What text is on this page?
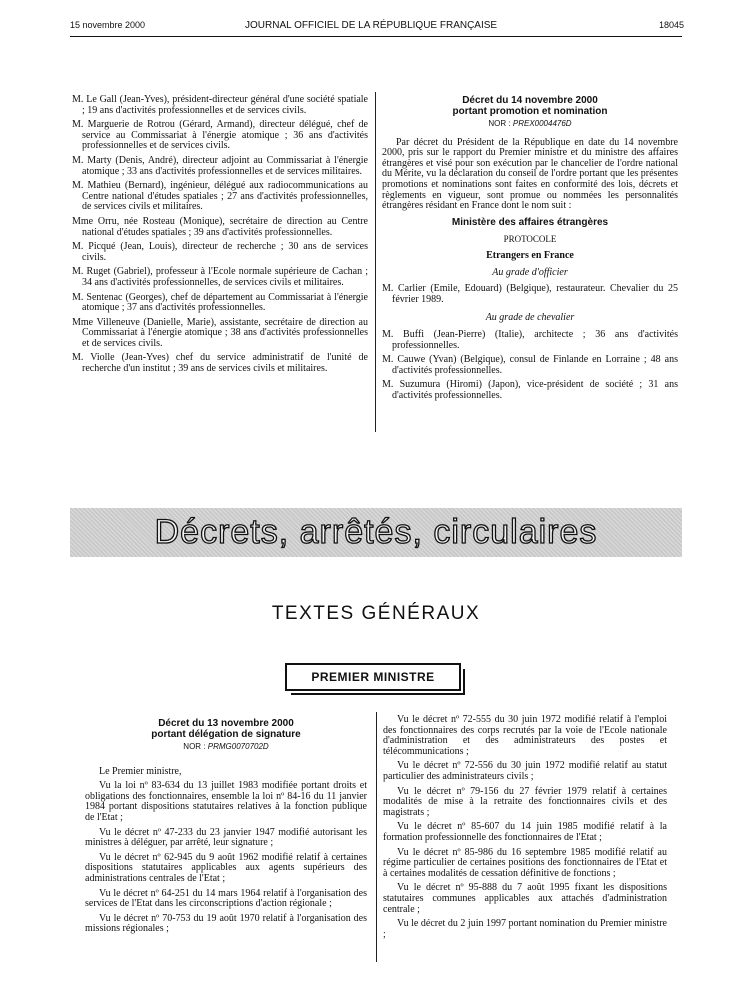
15 novembre 2000	JOURNAL OFFICIEL DE LA RÉPUBLIQUE FRANÇAISE	18045

M. Le Gall (Jean-Yves), président-directeur général d'une société spatiale ; 19 ans d'activités professionnelles et de services civils.

M. Marguerie de Rotrou (Gérard, Armand), directeur délégué, chef de service au Commissariat à l'énergie atomique ; 36 ans d'activités professionnelles et de services civils.

M. Marty (Denis, André), directeur adjoint au Commissariat à l'énergie atomique ; 33 ans d'activités professionnelles et de services militaires.

M. Mathieu (Bernard), ingénieur, délégué aux radiocommunications au Centre national d'études spatiales ; 27 ans d'activités professionnelles, de services civils et militaires.

Mme Orru, née Rosteau (Monique), secrétaire de direction au Centre national d'études spatiales ; 39 ans d'activités professionnelles.

M. Picqué (Jean, Louis), directeur de recherche ; 30 ans de services civils.

M. Ruget (Gabriel), professeur à l'Ecole normale supérieure de Cachan ; 34 ans d'activités professionnelles, de services civils et militaires.

M. Sentenac (Georges), chef de département au Commissariat à l'énergie atomique ; 37 ans d'activités professionnelles.

Mme Villeneuve (Danielle, Marie), assistante, secrétaire de direction au Commissariat à l'énergie atomique ; 38 ans d'activités professionnelles et de services civils.

M. Violle (Jean-Yves) chef du service administratif de l'unité de recherche d'un institut ; 39 ans de services civils et militaires.

Décret du 14 novembre 2000
portant promotion et nomination
NOR : PREX0004476D

Par décret du Président de la République en date du 14 novembre 2000, pris sur le rapport du Premier ministre et du ministre des affaires étrangères et visé pour son exécution par le chancelier de l'ordre national du Mérite, vu la déclaration du conseil de l'ordre portant que les présentes promotions et nominations sont faites en conformité des lois, décrets et règlements en vigueur, sont promue ou nommées les personnalités étrangères résidant en France dont le nom suit :

Ministère des affaires étrangères
PROTOCOLE
Etrangers en France
Au grade d'officier

M. Carlier (Emile, Edouard) (Belgique), restaurateur. Chevalier du 25 février 1989.

Au grade de chevalier

M. Buffi (Jean-Pierre) (Italie), architecte ; 36 ans d'activités professionnelles.

M. Cauwe (Yvan) (Belgique), consul de Finlande en Lorraine ; 48 ans d'activités professionnelles.

M. Suzumura (Hiromi) (Japon), vice-président de société ; 31 ans d'activités professionnelles.

Décrets, arrêtés, circulaires
TEXTES GÉNÉRAUX
PREMIER MINISTRE
Décret du 13 novembre 2000
portant délégation de signature
NOR : PRMG0070702D

Le Premier ministre,

Vu la loi nº 83-634 du 13 juillet 1983 modifiée portant droits et obligations des fonctionnaires, ensemble la loi nº 84-16 du 11 janvier 1984 portant dispositions statutaires relatives à la fonction publique de l'Etat ;

Vu le décret nº 47-233 du 23 janvier 1947 modifié autorisant les ministres à déléguer, par arrêté, leur signature ;

Vu le décret nº 62-945 du 9 août 1962 modifié relatif à certaines dispositions statutaires applicables aux agents supérieurs des administrations centrales de l'Etat ;

Vu le décret nº 64-251 du 14 mars 1964 relatif à l'organisation des services de l'Etat dans les circonscriptions d'action régionale ;

Vu le décret nº 70-753 du 19 août 1970 relatif à l'organisation des missions régionales ;

Vu le décret nº 72-555 du 30 juin 1972 modifié relatif à l'emploi des fonctionnaires des corps recrutés par la voie de l'Ecole nationale d'administration et des administrateurs des postes et télécommunications ;

Vu le décret nº 72-556 du 30 juin 1972 modifié relatif au statut particulier des administrateurs civils ;

Vu le décret nº 79-156 du 27 février 1979 relatif à certaines modalités de mise à la retraite des fonctionnaires civils et des magistrats ;

Vu le décret nº 85-607 du 14 juin 1985 modifié relatif à la formation professionnelle des fonctionnaires de l'Etat ;

Vu le décret nº 85-986 du 16 septembre 1985 modifié relatif au régime particulier de certaines positions des fonctionnaires de l'Etat et à certaines modalités de cessation définitive de fonctions ;

Vu le décret nº 95-888 du 7 août 1995 fixant les dispositions statutaires communes applicables aux attachés d'administration centrale ;

Vu le décret du 2 juin 1997 portant nomination du Premier ministre ;
